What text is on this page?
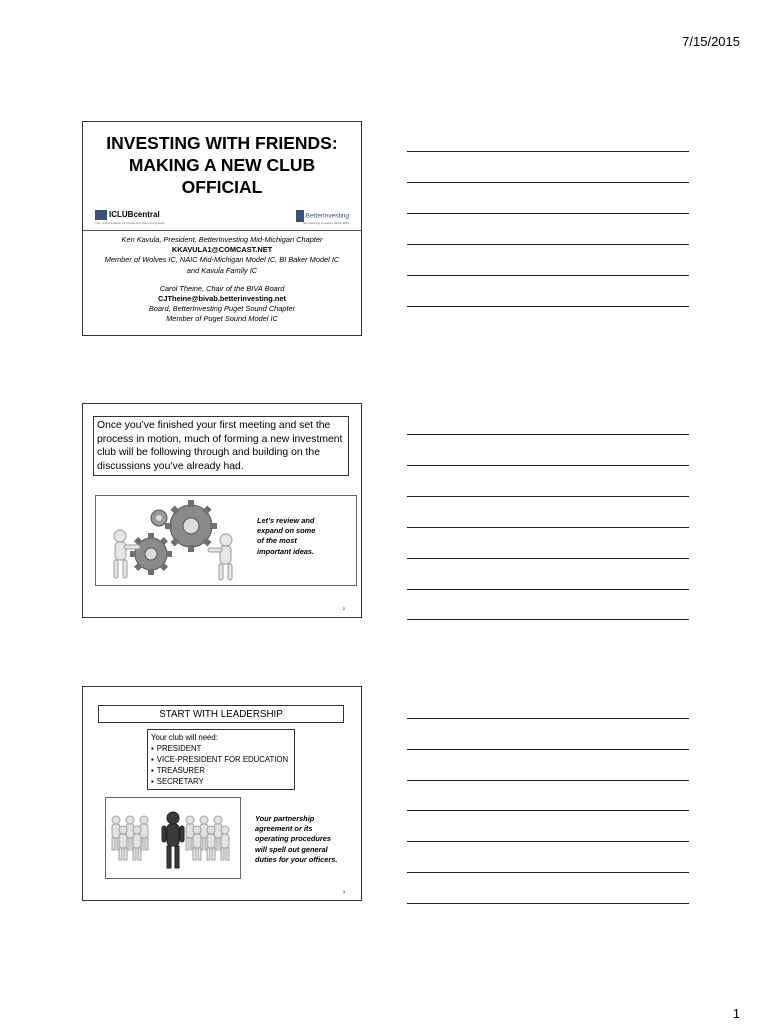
7/15/2015
INVESTING WITH FRIENDS:
MAKING A NEW CLUB
OFFICIAL
ICLUBcentral
Your online solution for investment clubs and groups
BetterInvesting
Empowering Investors Since 1951
Ken Kavula, President, BetterInvesting Mid-Michigan Chapter
KKAVULA1@COMCAST.NET
Member of Wolves IC, NAIC Mid-Michigan Model IC, BI Baker Model IC
and Kavula Family IC
Carol Theine, Chair of the BIVA Board
CJTheine@bivab.betterinvesting.net
Board, BetterInvesting Puget Sound Chapter
Member of Puget Sound Model IC
Once you’ve finished your first meeting and set the process in motion, much of forming a new investment club will be following through and building on the discussions you’ve already had.
Let’s review and
expand on some
of the most
important ideas.
2
START WITH LEADERSHIP
Your club will need:
▪ PRESIDENT
▪ VICE-PRESIDENT FOR EDUCATION
▪ TREASURER
▪ SECRETARY
Your partnership
agreement or its
operating procedures
will spell out general
duties for your officers.
3
1
